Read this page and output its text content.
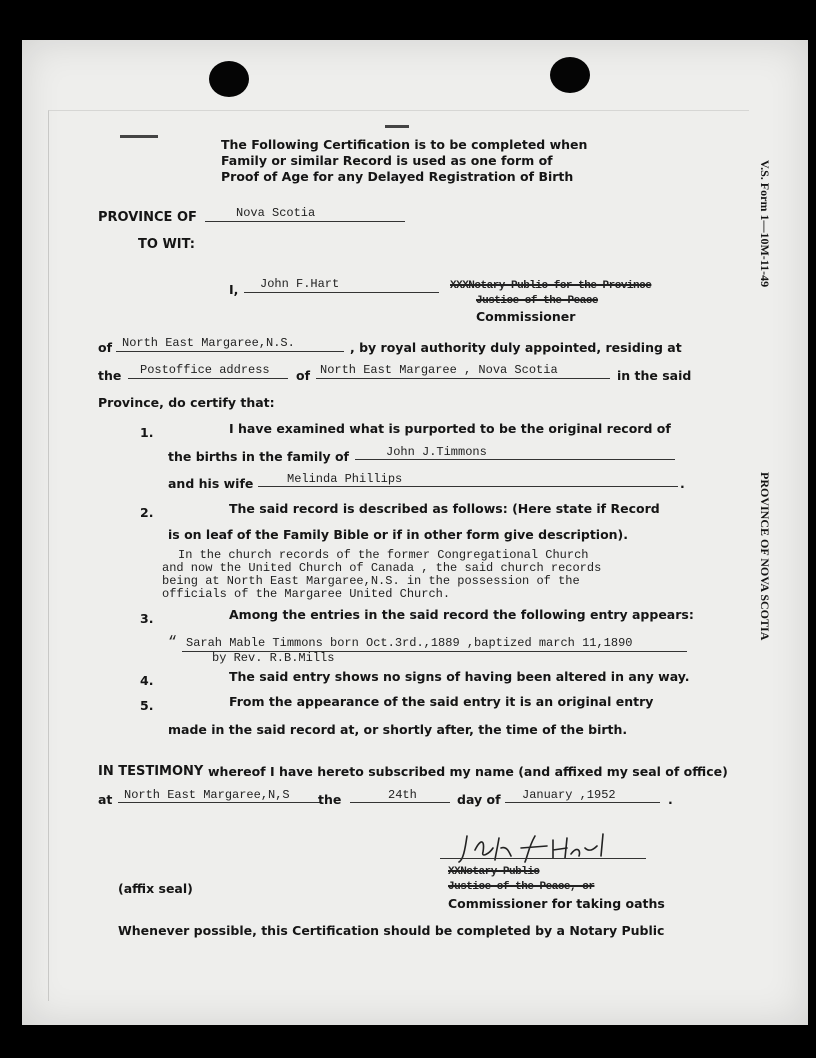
V.S. Form 1—10M-11-49
PROVINCE OF NOVA SCOTIA
The Following Certification is to be completed when
Family or similar Record is used as one form of
Proof of Age for any Delayed Registration of Birth
PROVINCE OF	Nova Scotia
TO WIT:
I, John F.Hart	XXXNotary Public for the Province
Justice of the Peace
Commissioner
of North East Margaree,N.S.	, by royal authority duly appointed, residing at
the Postoffice address of North East Margaree , Nova Scotia	in the said
Province, do certify that:
1.	I have examined what is purported to be the original record of
the births in the family of	John J.Timmons
and his wife	Melinda Phillips	.
2.	The said record is described as follows: (Here state if Record
is on leaf of the Family Bible or if in other form give description).
In the church records of the former Congregational Church
and now the United Church of Canada , the said church records
being at North East Margaree,N.S. in the possession of the
officials of the Margaree United Church.
3.	Among the entries in the said record the following entry appears:
“ Sarah Mable Timmons born Oct.3rd.,1889 ,baptized march 11,1890
by Rev. R.B.Mills
4.	The said entry shows no signs of having been altered in any way.
5.	From the appearance of the said entry it is an original entry
made in the said record at, or shortly after, the time of the birth.
IN TESTIMONY whereof I have hereto subscribed my name (and affixed my seal of office)
at North East Margaree,N,S the	24th	day of January ,1952	.
XXNotary Public
Justice of the Peace, or
Commissioner for taking oaths
(affix seal)
Whenever possible, this Certification should be completed by a Notary Public
